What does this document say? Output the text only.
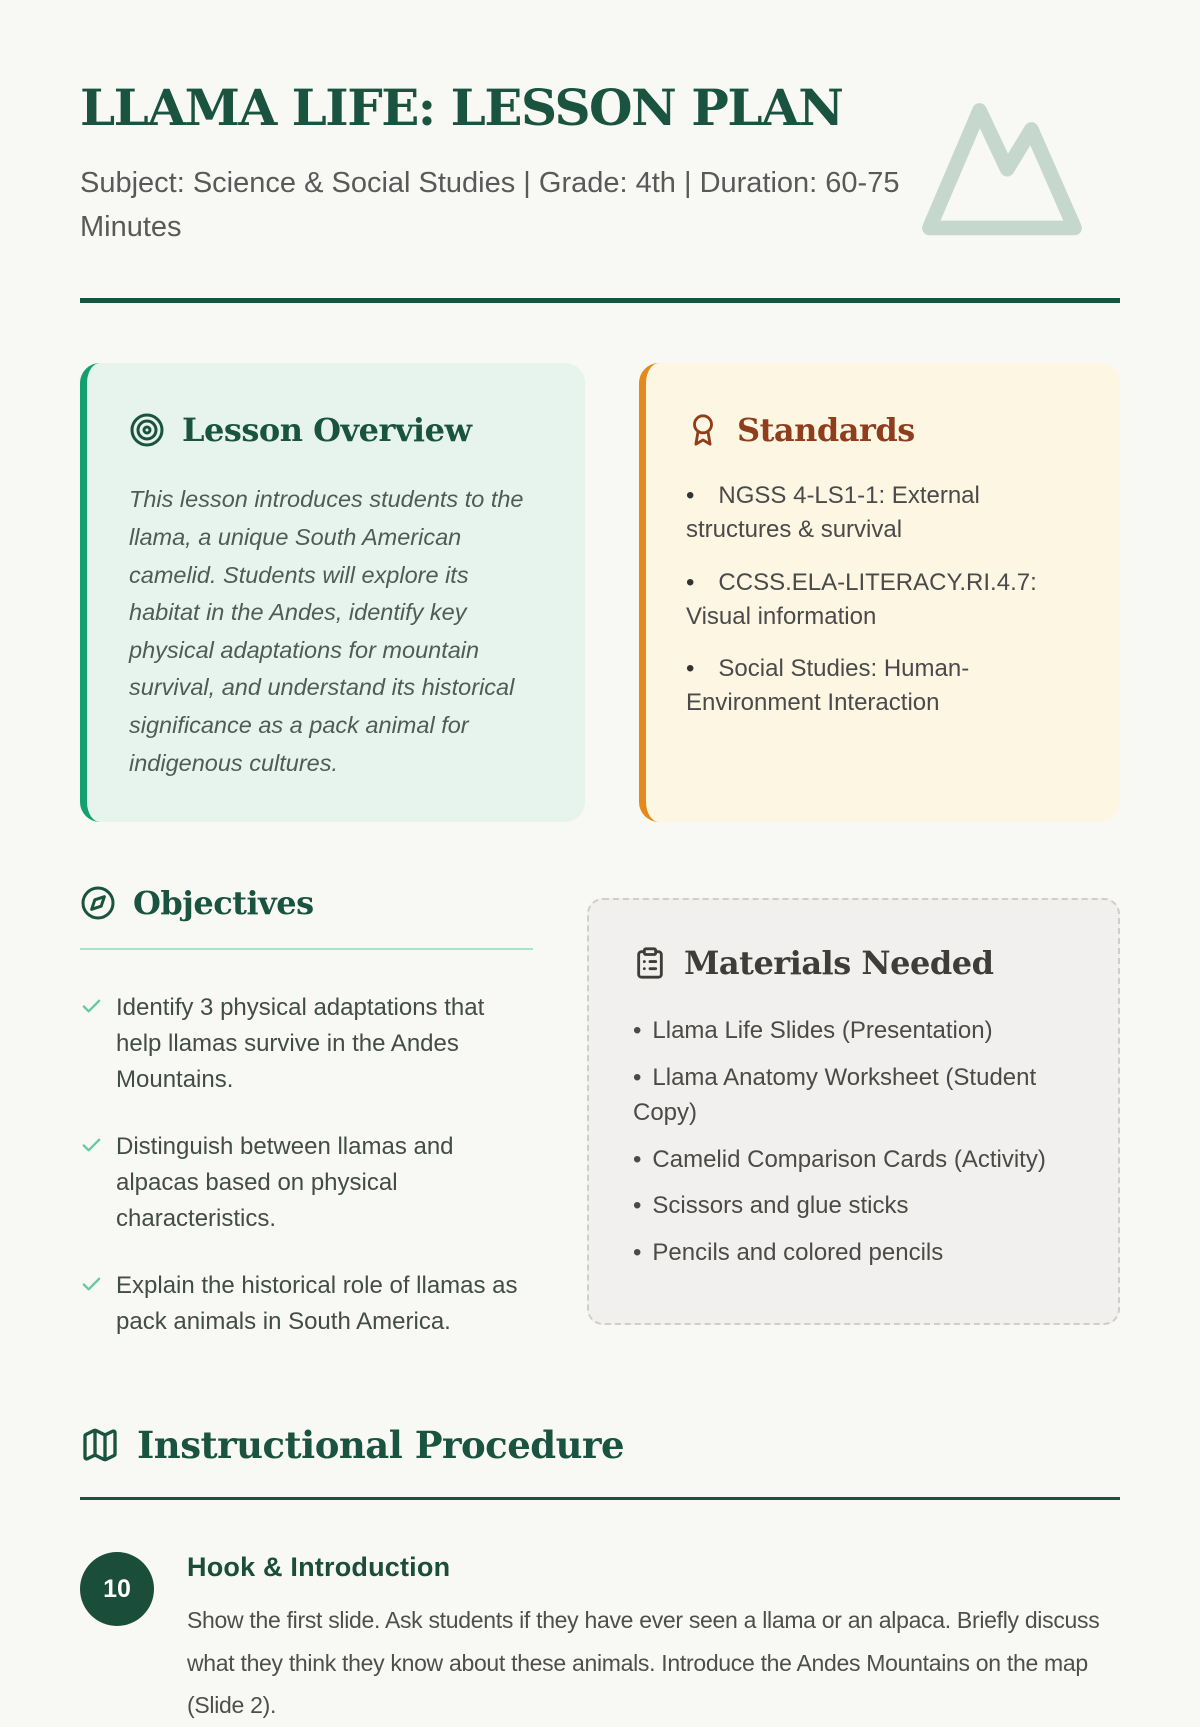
LLAMA LIFE: LESSON PLAN

Subject: Science & Social Studies | Grade: 4th | Duration: 60-75 Minutes

Lesson Overview

This lesson introduces students to the llama, a unique South American camelid. Students will explore its habitat in the Andes, identify key physical adaptations for mountain survival, and understand its historical significance as a pack animal for indigenous cultures.

Standards
• NGSS 4-LS1-1: External structures & survival
• CCSS.ELA-LITERACY.RI.4.7: Visual information
• Social Studies: Human-Environment Interaction
Objectives
Identify 3 physical adaptations that help llamas survive in the Andes Mountains.
Distinguish between llamas and alpacas based on physical characteristics.
Explain the historical role of llamas as pack animals in South America.
Materials Needed
• Llama Life Slides (Presentation)
• Llama Anatomy Worksheet (Student Copy)
• Camelid Comparison Cards (Activity)
• Scissors and glue sticks
• Pencils and colored pencils
Instructional Procedure
10
Hook & Introduction

Show the first slide. Ask students if they have ever seen a llama or an alpaca. Briefly discuss what they think they know about these animals. Introduce the Andes Mountains on the map (Slide 2).
